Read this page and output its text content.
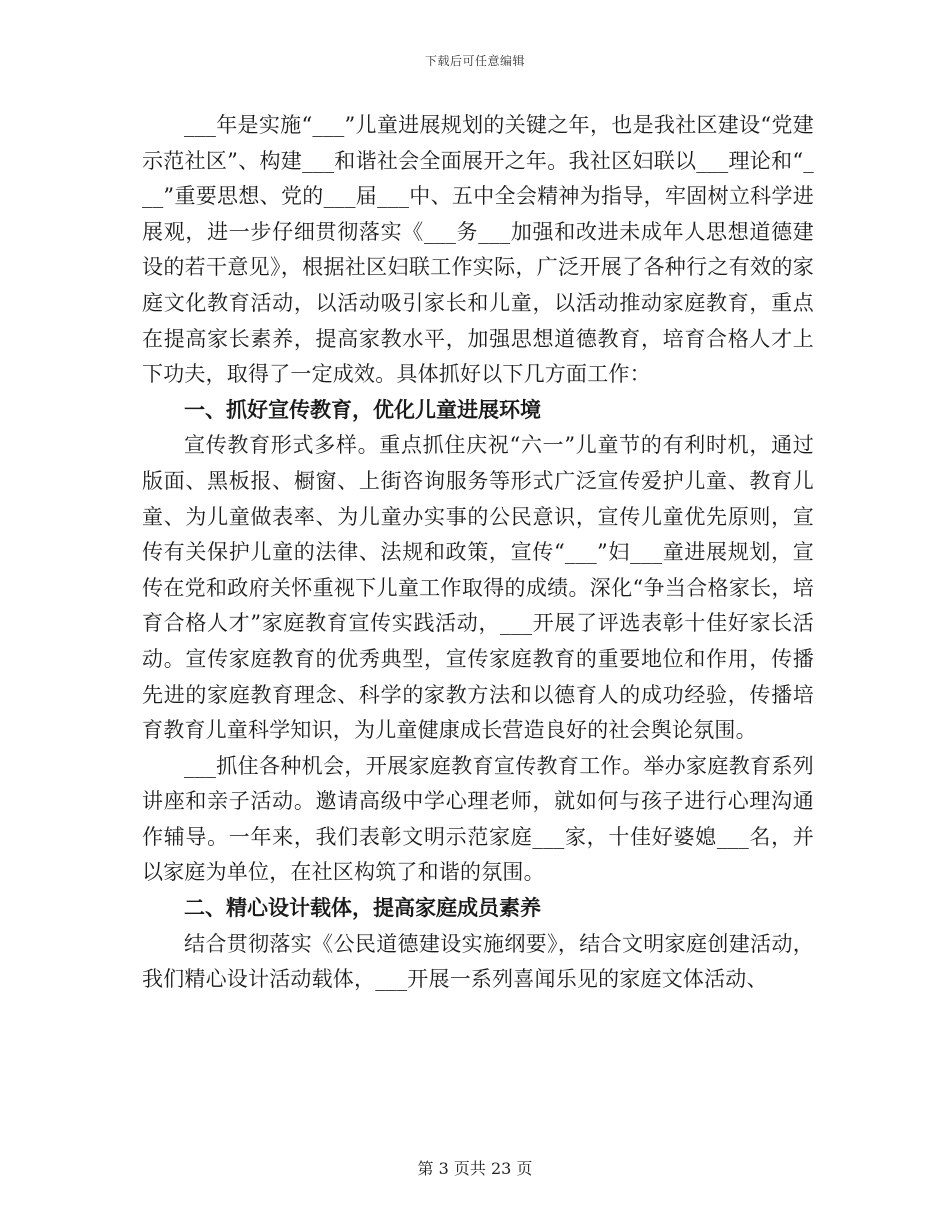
下载后可任意编辑

___年是实施“___”儿童进展规划的关键之年，也是我社区建设“党建示范社区”、构建___和谐社会全面展开之年。我社区妇联以___理论和“___”重要思想、党的___届___中、五中全会精神为指导，牢固树立科学进展观，进一步仔细贯彻落实《___务___加强和改进未成年人思想道德建设的若干意见》，根据社区妇联工作实际，广泛开展了各种行之有效的家庭文化教育活动，以活动吸引家长和儿童，以活动推动家庭教育，重点在提高家长素养，提高家教水平，加强思想道德教育，培育合格人才上下功夫，取得了一定成效。具体抓好以下几方面工作：

一、抓好宣传教育，优化儿童进展环境

宣传教育形式多样。重点抓住庆祝“六一”儿童节的有利时机，通过版面、黑板报、橱窗、上街咨询服务等形式广泛宣传爱护儿童、教育儿童、为儿童做表率、为儿童办实事的公民意识，宣传儿童优先原则，宣传有关保护儿童的法律、法规和政策，宣传“___”妇___童进展规划，宣传在党和政府关怀重视下儿童工作取得的成绩。深化“争当合格家长，培育合格人才”家庭教育宣传实践活动，___开展了评选表彰十佳好家长活动。宣传家庭教育的优秀典型，宣传家庭教育的重要地位和作用，传播先进的家庭教育理念、科学的家教方法和以德育人的成功经验，传播培育教育儿童科学知识，为儿童健康成长营造良好的社会舆论氛围。

___抓住各种机会，开展家庭教育宣传教育工作。举办家庭教育系列讲座和亲子活动。邀请高级中学心理老师，就如何与孩子进行心理沟通作辅导。一年来，我们表彰文明示范家庭___家，十佳好婆媳___名，并以家庭为单位，在社区构筑了和谐的氛围。

二、精心设计载体，提高家庭成员素养

结合贯彻落实《公民道德建设实施纲要》，结合文明家庭创建活动，我们精心设计活动载体，___开展一系列喜闻乐见的家庭文体活动、

第 3 页共 23 页
